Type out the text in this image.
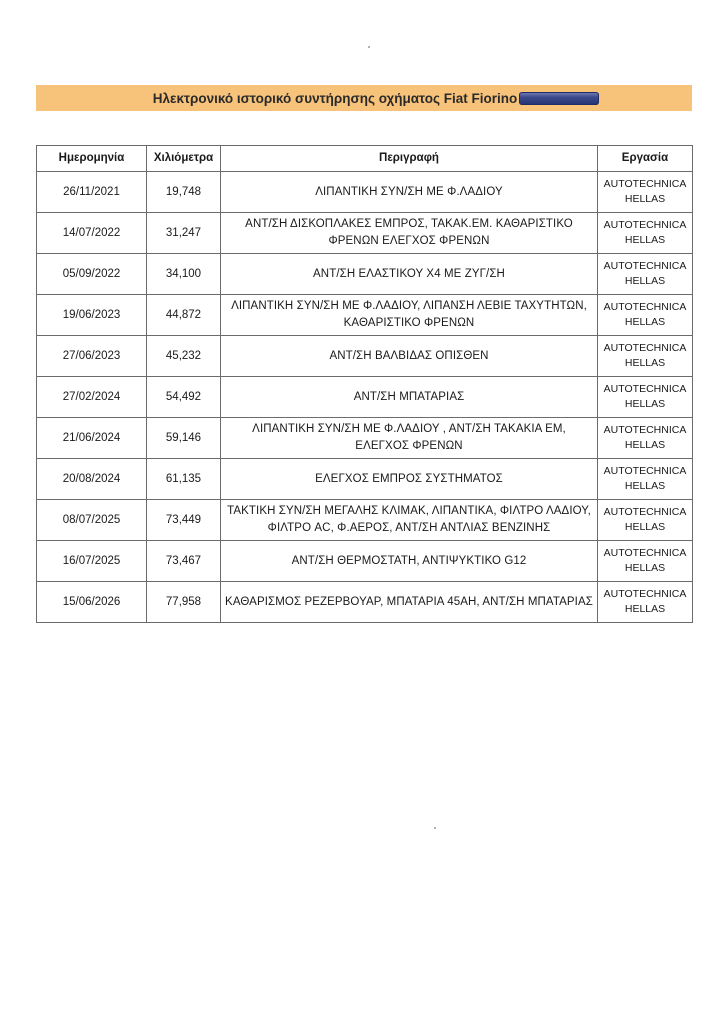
Ηλεκτρονικό ιστορικό συντήρησης οχήματος Fiat Fiorino
Ημερομηνία	Χιλιόμετρα	Περιγραφή	Εργασία
26/11/2021	19,748	ΛΙΠΑΝΤΙΚΗ ΣΥΝ/ΣΗ ΜΕ Φ.ΛΑΔΙΟΥ	AUTOTECHNICA HELLAS
14/07/2022	31,247	ΑΝΤ/ΣΗ ΔΙΣΚΟΠΛΑΚΕΣ ΕΜΠΡΟΣ, ΤΑΚΑΚ.ΕΜ. ΚΑΘΑΡΙΣΤΙΚΟ ΦΡΕΝΩΝ ΕΛΕΓΧΟΣ ΦΡΕΝΩΝ	AUTOTECHNICA HELLAS
05/09/2022	34,100	ΑΝΤ/ΣΗ ΕΛΑΣΤΙΚΟΥ Χ4 ΜΕ ΖΥΓ/ΣΗ	AUTOTECHNICA HELLAS
19/06/2023	44,872	ΛΙΠΑΝΤΙΚΗ ΣΥΝ/ΣΗ ΜΕ Φ.ΛΑΔΙΟΥ, ΛΙΠΑΝΣΗ ΛΕΒΙΕ ΤΑΧΥΤΗΤΩΝ, ΚΑΘΑΡΙΣΤΙΚΟ ΦΡΕΝΩΝ	AUTOTECHNICA HELLAS
27/06/2023	45,232	ΑΝΤ/ΣΗ ΒΑΛΒΙΔΑΣ ΟΠΙΣΘΕΝ	AUTOTECHNICA HELLAS
27/02/2024	54,492	ΑΝΤ/ΣΗ ΜΠΑΤΑΡΙΑΣ	AUTOTECHNICA HELLAS
21/06/2024	59,146	ΛΙΠΑΝΤΙΚΗ ΣΥΝ/ΣΗ ΜΕ Φ.ΛΑΔΙΟΥ , ΑΝΤ/ΣΗ ΤΑΚΑΚΙΑ ΕΜ, ΕΛΕΓΧΟΣ ΦΡΕΝΩΝ	AUTOTECHNICA HELLAS
20/08/2024	61,135	ΕΛΕΓΧΟΣ ΕΜΠΡΟΣ ΣΥΣΤΗΜΑΤΟΣ	AUTOTECHNICA HELLAS
08/07/2025	73,449	ΤΑΚΤΙΚΗ ΣΥΝ/ΣΗ ΜΕΓΑΛΗΣ ΚΛΙΜΑΚ, ΛΙΠΑΝΤΙΚΑ, ΦΙΛΤΡΟ ΛΑΔΙΟΥ, ΦΙΛΤΡΟ AC, Φ.ΑΕΡΟΣ, ΑΝΤ/ΣΗ ΑΝΤΛΙΑΣ ΒΕΝΖΙΝΗΣ	AUTOTECHNICA HELLAS
16/07/2025	73,467	ΑΝΤ/ΣΗ ΘΕΡΜΟΣΤΑΤΗ, ΑΝΤΙΨΥΚΤΙΚΟ G12	AUTOTECHNICA HELLAS
15/06/2026	77,958	ΚΑΘΑΡΙΣΜΟΣ ΡΕΖΕΡΒΟΥΑΡ, ΜΠΑΤΑΡΙΑ 45ΑΗ, ΑΝΤ/ΣΗ ΜΠΑΤΑΡΙΑΣ	AUTOTECHNICA HELLAS
